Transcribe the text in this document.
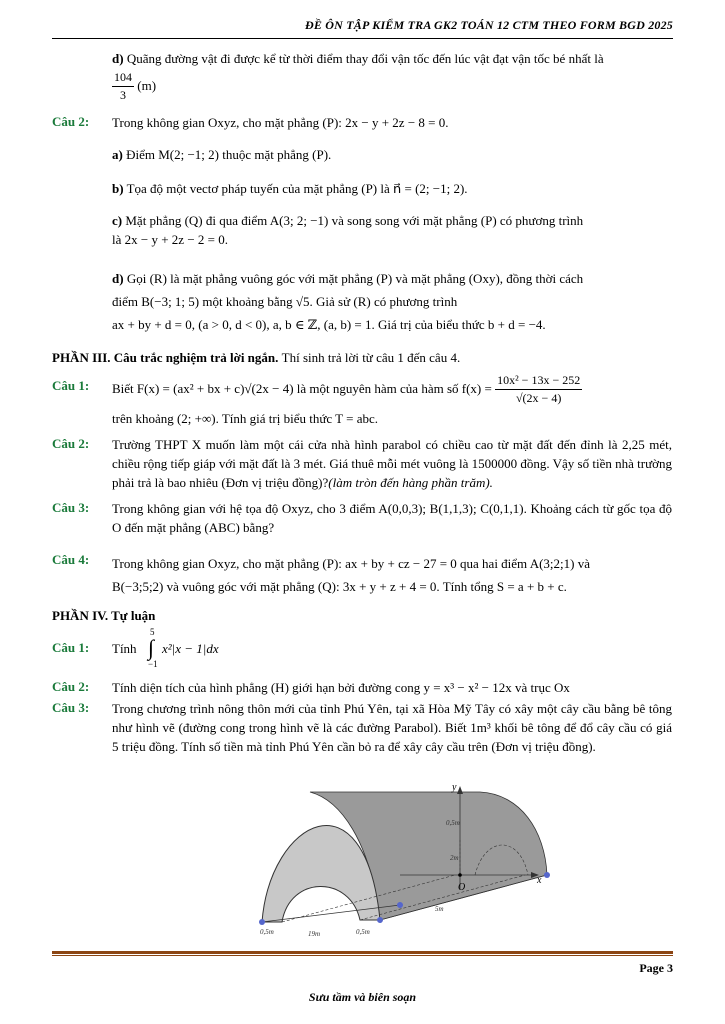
ĐỀ ÔN TẬP KIỂM TRA GK2 TOÁN 12 CTM THEO FORM BGD 2025
d) Quãng đường vật đi được kể từ thời điểm thay đổi vận tốc đến lúc vật đạt vận tốc bé nhất là

$\frac{104}{3} (m)$
Câu 2:	Trong không gian Oxyz, cho mặt phẳng (P): 2x − y + 2z − 8 = 0.
a) Điểm M(2; −1; 2) thuộc mặt phẳng (P).
b) Tọa độ một vectơ pháp tuyến của mặt phẳng (P) là n⃗ = (2; −1; 2).
c) Mặt phẳng (Q) đi qua điểm A(3; 2; −1) và song song với mặt phẳng (P) có phương trình
là 2x − y + 2z − 2 = 0.
d) Gọi (R) là mặt phẳng vuông góc với mặt phẳng (P) và mặt phẳng (Oxy), đồng thời cách
điểm B(−3; 1; 5) một khoảng bằng √5. Giả sử (R) có phương trình
ax + by + d = 0, (a > 0, d < 0), a, b ∈ ℤ, (a, b) = 1. Giá trị của biểu thức b + d = −4.
PHẦN III. Câu trắc nghiệm trả lời ngắn. Thí sinh trả lời từ câu 1 đến câu 4.
Câu 1:	Biết F(x) = (ax² + bx + c)√(2x − 4) là một nguyên hàm của hàm số $f(x) = \frac{\text{10x² − 13x − 252}}{√(2x - 4)}$
trên khoảng (2; +∞). Tính giá trị biểu thức T = abc.
Câu 2:	Trường THPT X muốn làm một cái cửa nhà hình parabol có chiều cao từ mặt đất đến đỉnh là 2,25 mét, chiều rộng tiếp giáp với mặt đất là 3 mét. Giá thuê mỗi mét vuông là 1500000 đồng. Vậy số tiền nhà trường phải trả là bao nhiêu (Đơn vị triệu đồng)?(làm tròn đến hàng phần trăm).
Câu 3:	Trong không gian với hệ tọa độ Oxyz, cho 3 điểm A(0,0,3); B(1,1,3); C(0,1,1). Khoảng cách từ gốc tọa độ O đến mặt phẳng (ABC) bằng?
Câu 4:	Trong không gian Oxyz, cho mặt phẳng (P): ax + by + cz − 27 = 0 qua hai điểm A(3;2;1) và
B(−3;5;2) và vuông góc với mặt phẳng (Q): 3x + y + z + 4 = 0. Tính tổng S = a + b + c.
PHẦN IV. Tự luận
Câu 1:	Tính
5
∫
−1
x²|x − 1|dx
Câu 2:	Tính diện tích của hình phẳng (H) giới hạn bởi đường cong y = x³ − x² − 12x và trục Ox
Câu 3:	Trong chương trình nông thôn mới của tỉnh Phú Yên, tại xã Hòa Mỹ Tây có xây một cây cầu bằng bê tông như hình vẽ (đường cong trong hình vẽ là các đường Parabol). Biết 1m³ khối bê tông để đổ cây cầu có giá 5 triệu đồng. Tính số tiền mà tỉnh Phú Yên cần bỏ ra để xây cây cầu trên (Đơn vị triệu đồng).
y
x
O
0,5m
2m
5m
0,5m	19m	0,5m
Page 3
Sưu tầm và biên soạn
